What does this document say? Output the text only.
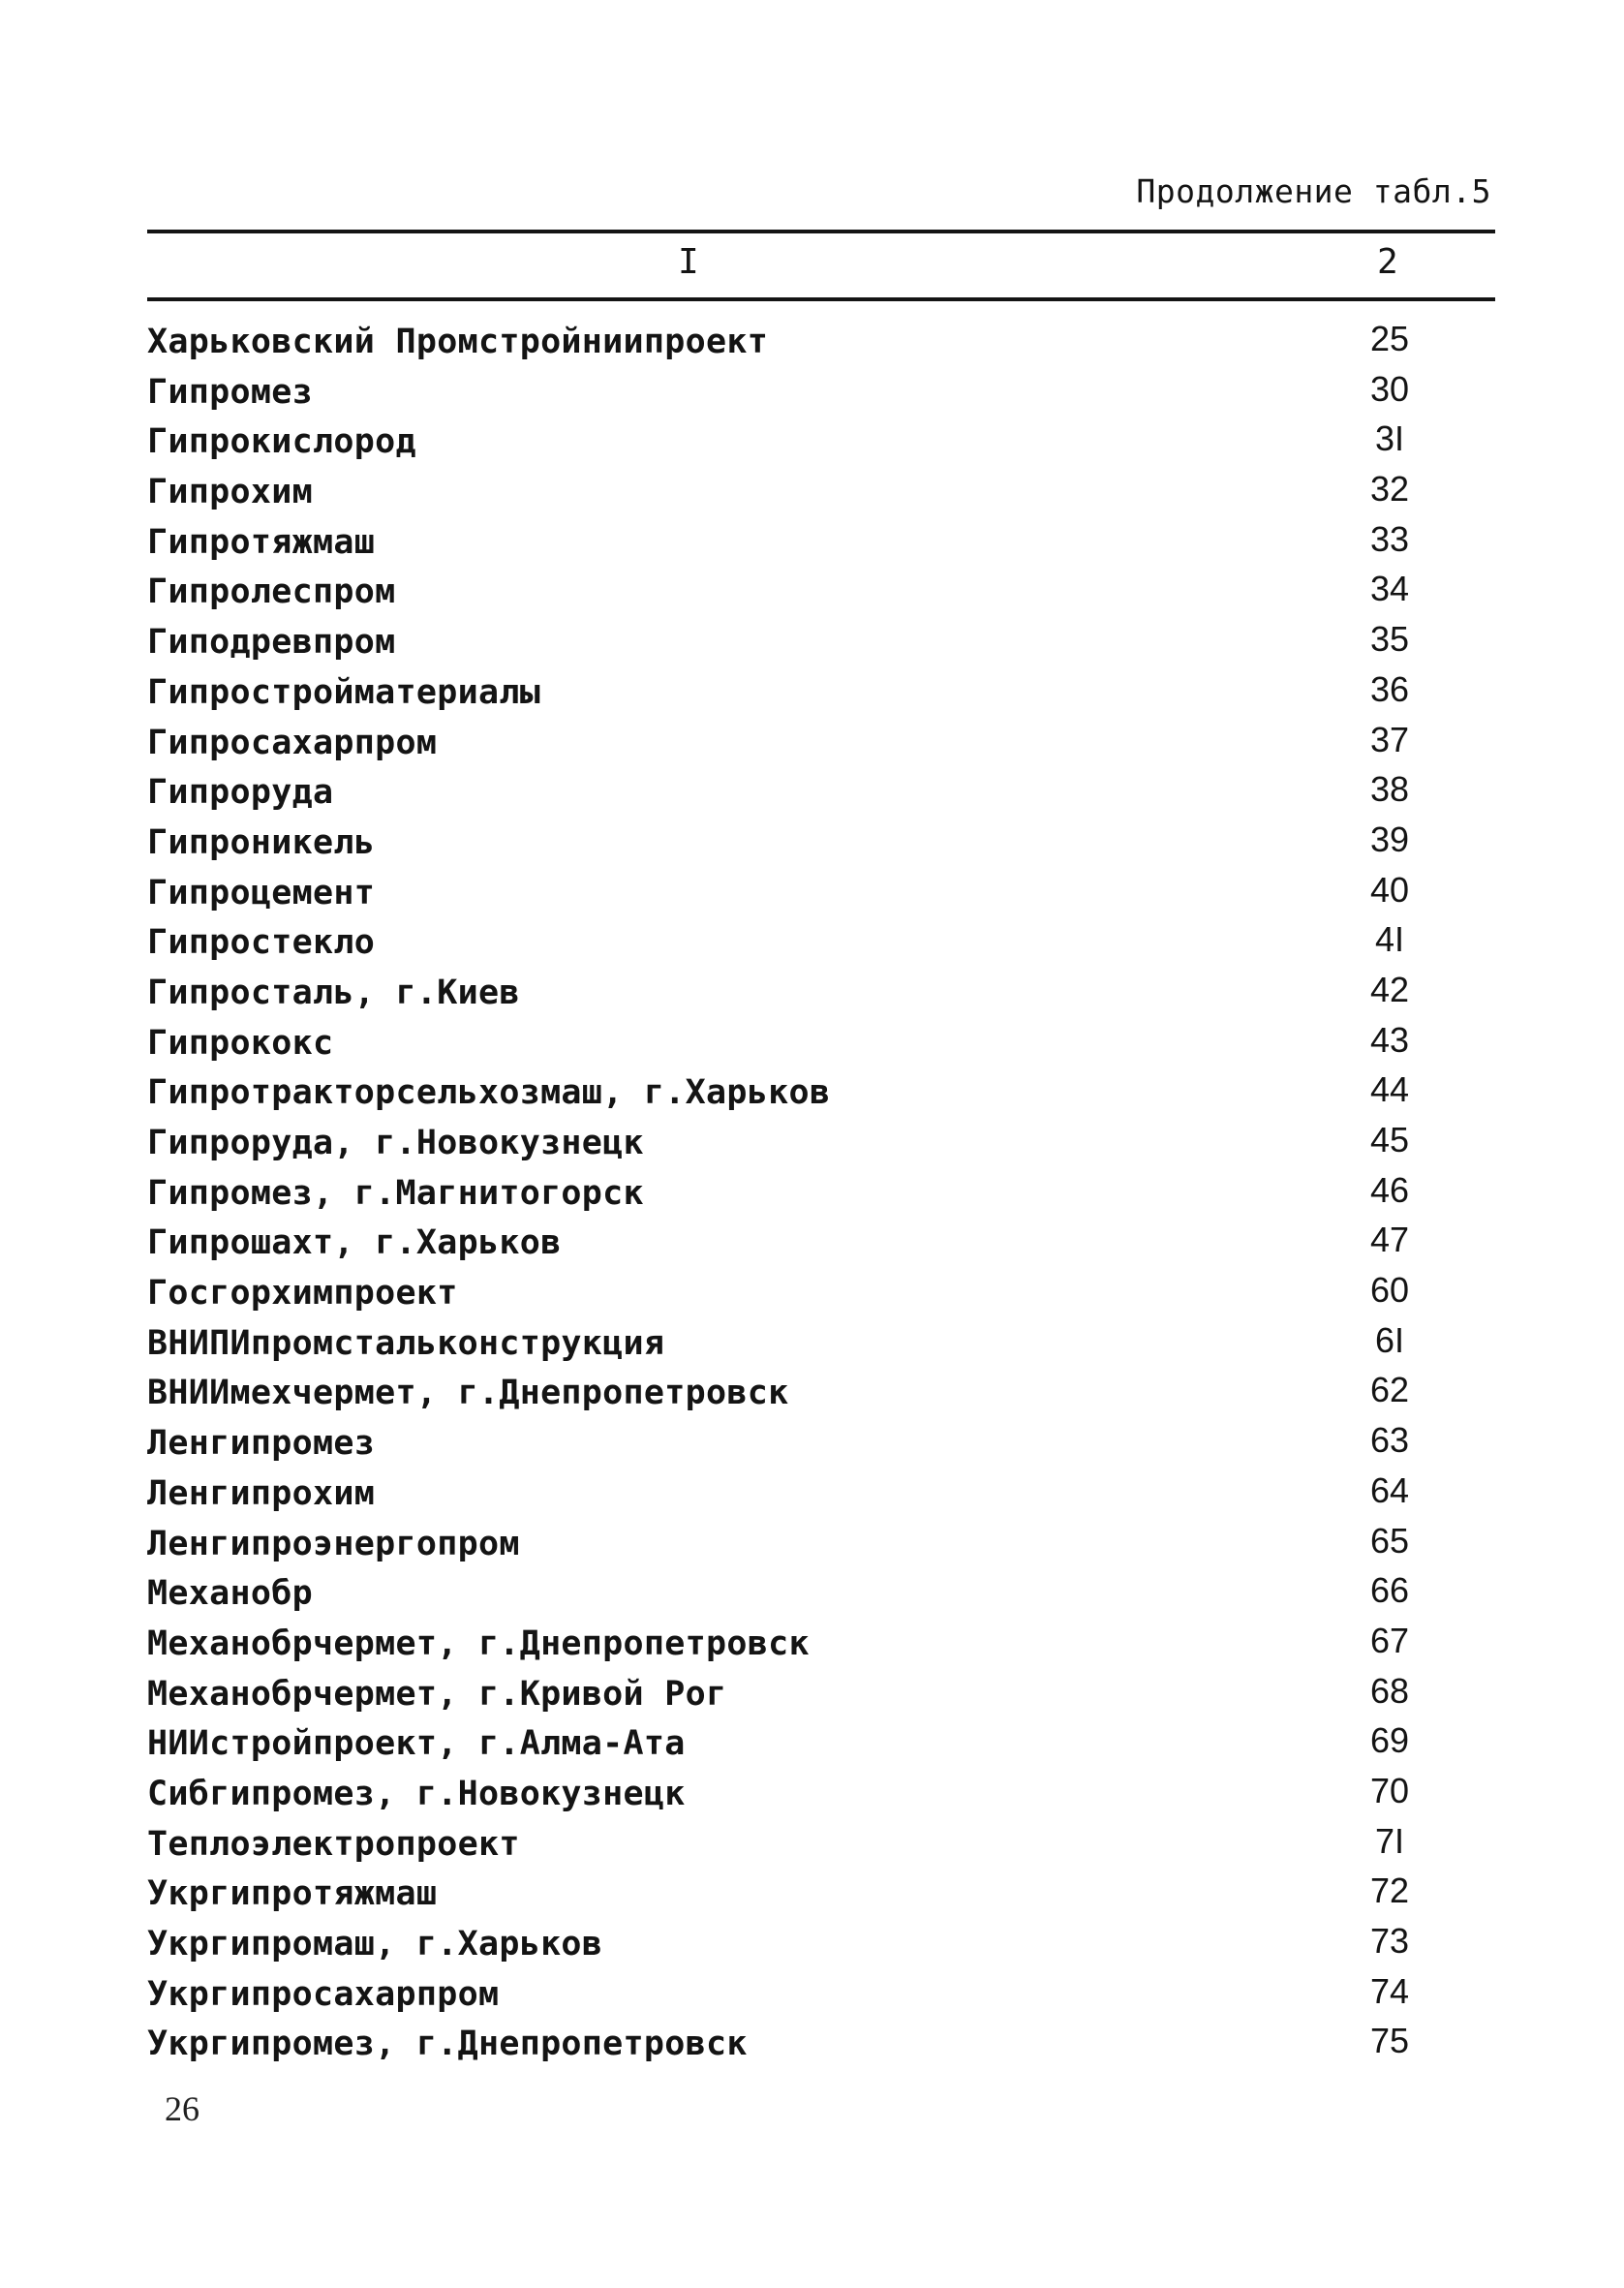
Продолжение табл.5
I	2
Харьковский Промстройниипроект	25
Гипромез	30
Гипрокислород	3I
Гипрохим	32
Гипротяжмаш	33
Гипролеспром	34
Гиподревпром	35
Гипростройматериалы	36
Гипросахарпром	37
Гипроруда	38
Гипроникель	39
Гипроцемент	40
Гипростекло	4I
Гипросталь, г.Киев	42
Гипрококс	43
Гипротракторсельхозмаш, г.Харьков	44
Гипроруда, г.Новокузнецк	45
Гипромез, г.Магнитогорск	46
Гипрошахт, г.Харьков	47
Госгорхимпроект	60
ВНИПИпромстальконструкция	6I
ВНИИмехчермет, г.Днепропетровск	62
Ленгипромез	63
Ленгипрохим	64
Ленгипроэнергопром	65
Механобр	66
Механобрчермет, г.Днепропетровск	67
Механобрчермет, г.Кривой Рог	68
НИИстройпроект, г.Алма-Ата	69
Сибгипромез, г.Новокузнецк	70
Теплоэлектропроект	7I
Укргипротяжмаш	72
Укргипромаш, г.Харьков	73
Укргипросахарпром	74
Укргипромез, г.Днепропетровск	75
26
